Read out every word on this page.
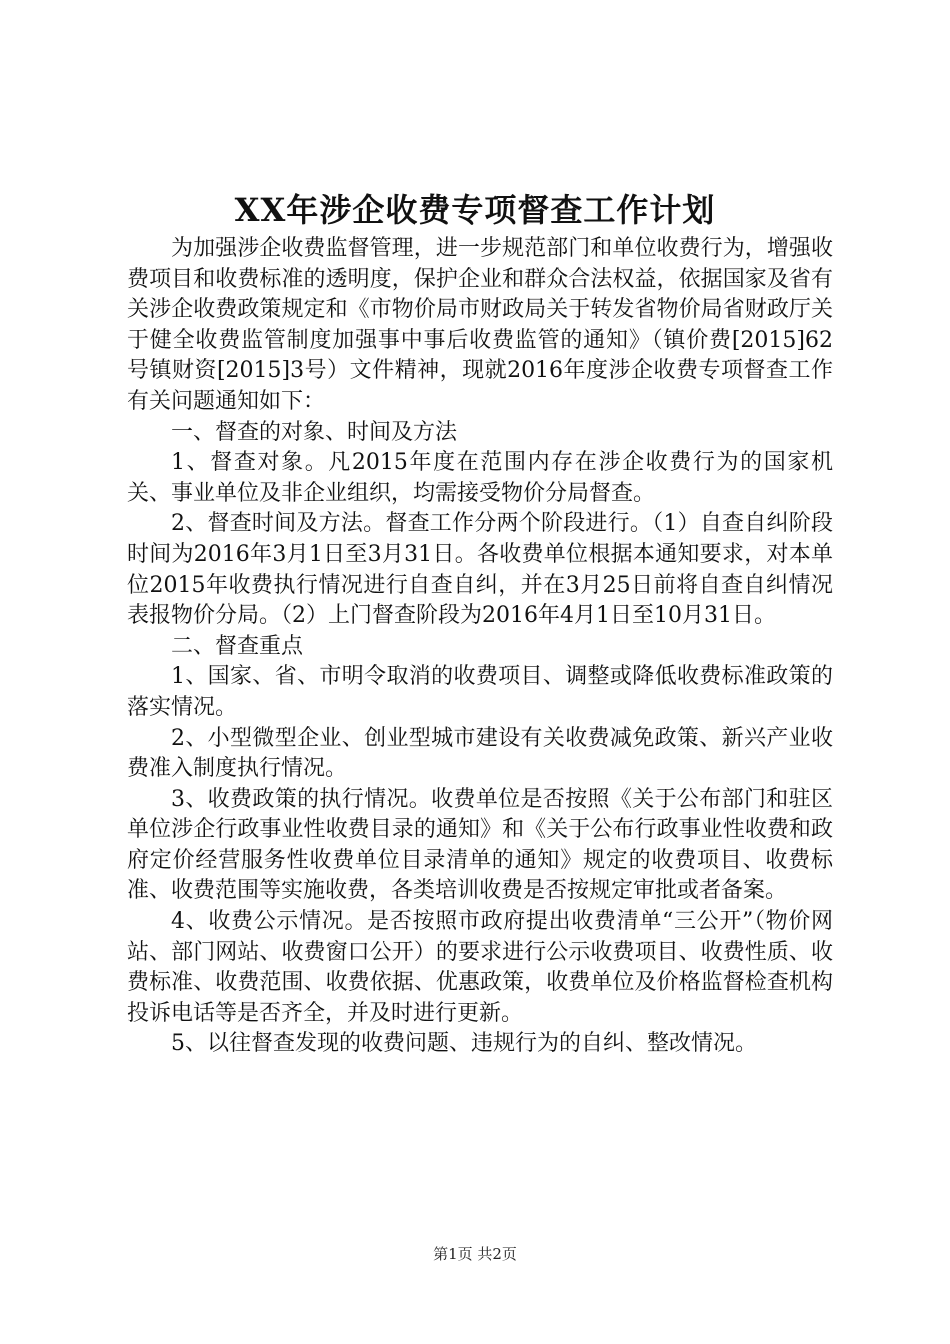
XX年涉企收费专项督查工作计划

为加强涉企收费监督管理，进一步规范部门和单位收费行为，增强收费项目和收费标准的透明度，保护企业和群众合法权益，依据国家及省有关涉企收费政策规定和《市物价局市财政局关于转发省物价局省财政厅关于健全收费监管制度加强事中事后收费监管的通知》（镇价费[2015]62号镇财资[2015]3号）文件精神，现就2016年度涉企收费专项督查工作有关问题通知如下：

一、督查的对象、时间及方法

1、督查对象。凡2015年度在范围内存在涉企收费行为的国家机关、事业单位及非企业组织，均需接受物价分局督查。

2、督查时间及方法。督查工作分两个阶段进行。（1）自查自纠阶段时间为2016年3月1日至3月31日。各收费单位根据本通知要求，对本单位2015年收费执行情况进行自查自纠，并在3月25日前将自查自纠情况表报物价分局。（2）上门督查阶段为2016年4月1日至10月31日。

二、督查重点

1、国家、省、市明令取消的收费项目、调整或降低收费标准政策的落实情况。

2、小型微型企业、创业型城市建设有关收费减免政策、新兴产业收费准入制度执行情况。

3、收费政策的执行情况。收费单位是否按照《关于公布部门和驻区单位涉企行政事业性收费目录的通知》和《关于公布行政事业性收费和政府定价经营服务性收费单位目录清单的通知》规定的收费项目、收费标准、收费范围等实施收费，各类培训收费是否按规定审批或者备案。

4、收费公示情况。是否按照市政府提出收费清单“三公开”（物价网站、部门网站、收费窗口公开）的要求进行公示收费项目、收费性质、收费标准、收费范围、收费依据、优惠政策，收费单位及价格监督检查机构投诉电话等是否齐全，并及时进行更新。

5、以往督查发现的收费问题、违规行为的自纠、整改情况。

第1页 共2页
